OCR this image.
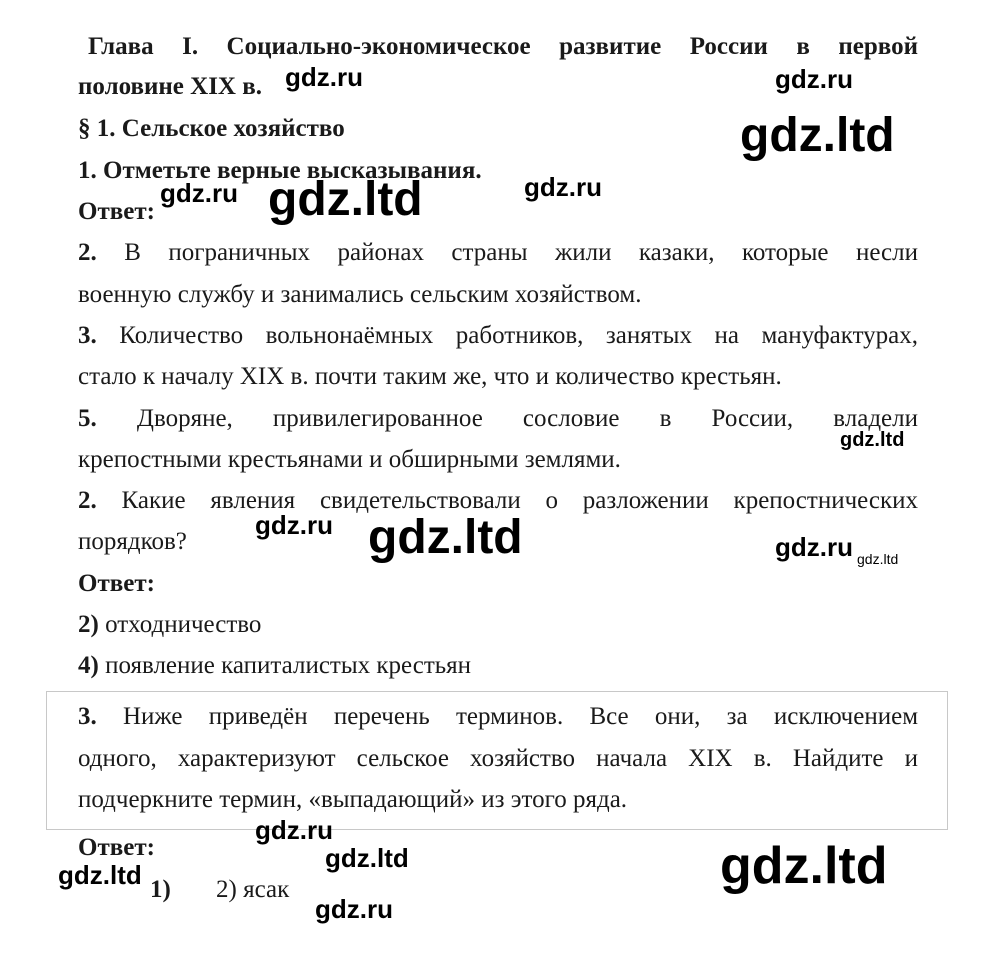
Глава I. Социально-экономическое развитие России в первой
половине XIX в.
§ 1. Сельское хозяйство
1. Отметьте верные высказывания.
Ответ:
2. В пограничных районах страны жили казаки, которые несли
военную службу и занимались сельским хозяйством.
3. Количество вольнонаёмных работников, занятых на мануфактурах,
стало к началу XIX в. почти таким же, что и количество крестьян.
5. Дворяне, привилегированное сословие в России, владели
крепостными крестьянами и обширными землями.
2. Какие явления свидетельствовали о разложении крепостнических
порядков?
Ответ:
2) отходничество
4) появление капиталистых крестьян
3. Ниже приведён перечень терминов. Все они, за исключением
одного, характеризуют сельское хозяйство начала XIX в. Найдите и
подчеркните термин, «выпадающий» из этого ряда.
Ответ:
1) 2) ясак
gdz.ru	gdz.ru
gdz.ltd
gdz.ru gdz.ltd	gdz.ru
gdz.ltd
gdz.ru gdz.ltd	gdz.ru gdz.ltd
gdz.ru
gdz.ltd	gdz.ltd
gdz.ltd
gdz.ru
